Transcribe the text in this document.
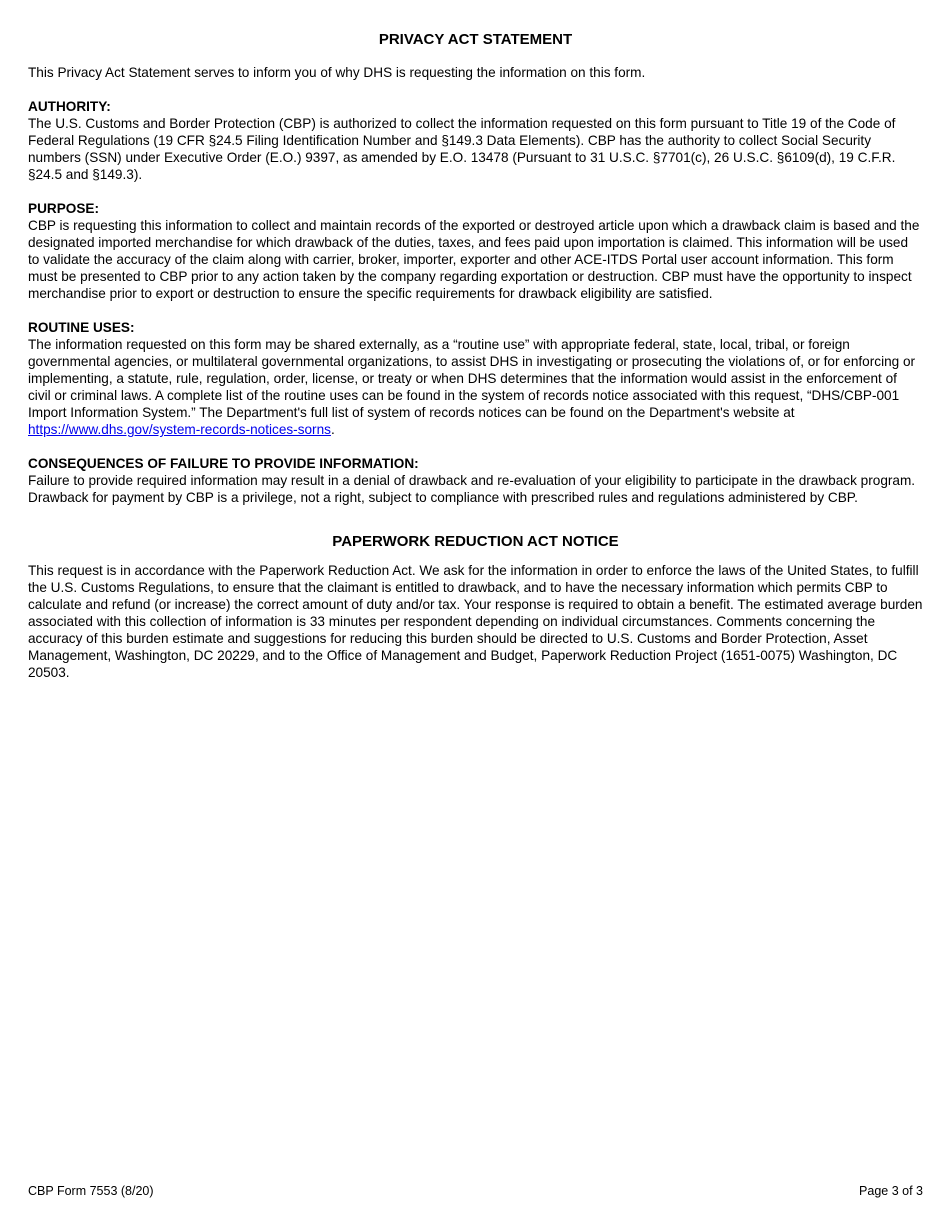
PRIVACY ACT STATEMENT

This Privacy Act Statement serves to inform you of why DHS is requesting the information on this form.

AUTHORITY:

The U.S. Customs and Border Protection (CBP) is authorized to collect the information requested on this form pursuant to Title 19 of the Code of Federal Regulations (19 CFR §24.5 Filing Identification Number and §149.3 Data Elements). CBP has the authority to collect Social Security numbers (SSN) under Executive Order (E.O.) 9397, as amended by E.O. 13478 (Pursuant to 31 U.S.C. §7701(c), 26 U.S.C. §6109(d), 19 C.F.R. §24.5 and §149.3).

PURPOSE:

CBP is requesting this information to collect and maintain records of the exported or destroyed article upon which a drawback claim is based and the designated imported merchandise for which drawback of the duties, taxes, and fees paid upon importation is claimed. This information will be used to validate the accuracy of the claim along with carrier, broker, importer, exporter and other ACE-ITDS Portal user account information. This form must be presented to CBP prior to any action taken by the company regarding exportation or destruction. CBP must have the opportunity to inspect merchandise prior to export or destruction to ensure the specific requirements for drawback eligibility are satisfied.

ROUTINE USES:

The information requested on this form may be shared externally, as a “routine use” with appropriate federal, state, local, tribal, or foreign governmental agencies, or multilateral governmental organizations, to assist DHS in investigating or prosecuting the violations of, or for enforcing or implementing, a statute, rule, regulation, order, license, or treaty or when DHS determines that the information would assist in the enforcement of civil or criminal laws. A complete list of the routine uses can be found in the system of records notice associated with this request, “DHS/CBP-001 Import Information System.” The Department's full list of system of records notices can be found on the Department's website at https://www.dhs.gov/system-records-notices-sorns.

CONSEQUENCES OF FAILURE TO PROVIDE INFORMATION:

Failure to provide required information may result in a denial of drawback and re-evaluation of your eligibility to participate in the drawback program. Drawback for payment by CBP is a privilege, not a right, subject to compliance with prescribed rules and regulations administered by CBP.

PAPERWORK REDUCTION ACT NOTICE

This request is in accordance with the Paperwork Reduction Act. We ask for the information in order to enforce the laws of the United States, to fulfill the U.S. Customs Regulations, to ensure that the claimant is entitled to drawback, and to have the necessary information which permits CBP to calculate and refund (or increase) the correct amount of duty and/or tax. Your response is required to obtain a benefit. The estimated average burden associated with this collection of information is 33 minutes per respondent depending on individual circumstances. Comments concerning the accuracy of this burden estimate and suggestions for reducing this burden should be directed to U.S. Customs and Border Protection, Asset Management, Washington, DC 20229, and to the Office of Management and Budget, Paperwork Reduction Project (1651-0075) Washington, DC 20503.

CBP Form 7553 (8/20)	Page 3 of 3
